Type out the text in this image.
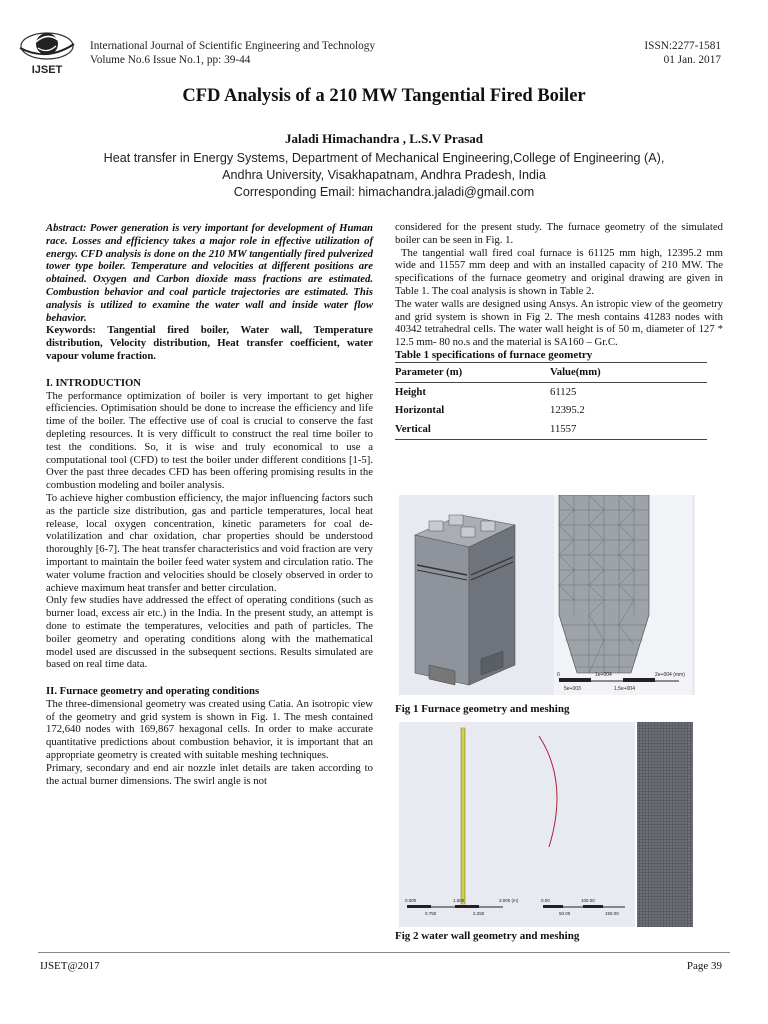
IJSET
International Journal of Scientific Engineering and Technology
Volume No.6 Issue No.1, pp: 39-44
ISSN:2277-1581
01 Jan. 2017
CFD Analysis of a 210 MW Tangential Fired Boiler
Jaladi Himachandra , L.S.V Prasad
Heat transfer in Energy Systems, Department of Mechanical Engineering,College of Engineering (A),
Andhra University, Visakhapatnam, Andhra Pradesh, India
Corresponding Email: himachandra.jaladi@gmail.com

Abstract: Power generation is very important for development of Human race. Losses and efficiency takes a major role in effective utilization of energy. CFD analysis is done on the 210 MW tangentially fired pulverized tower type boiler. Temperature and velocities at different positions are obtained. Oxygen and Carbon dioxide mass fractions are estimated. Combustion behavior and coal particle trajectories are estimated. This analysis is utilized to examine the water wall and inside water flow behavior.

Keywords: Tangential fired boiler, Water wall, Temperature distribution, Velocity distribution, Heat transfer coefficient, water vapour volume fraction.

I. INTRODUCTION

The performance optimization of boiler is very important to get higher efficiencies. Optimisation should be done to increase the efficiency and life time of the boiler. The effective use of coal is crucial to conserve the fast depleting resources. It is very difficult to construct the real time boiler to test the conditions. So, it is wise and truly economical to use a computational tool (CFD) to test the boiler under different conditions [1-5]. Over the past three decades CFD has been offering promising results in the combustion modeling and boiler analysis.

To achieve higher combustion efficiency, the major influencing factors such as the particle size distribution, gas and particle temperatures, local heat release, local oxygen concentration, kinetic parameters for coal de-volatilization and char oxidation, char properties should be understood thoroughly [6-7]. The heat transfer characteristics and void fraction are very important to maintain the boiler feed water system and circulation ratio. The water volume fraction and velocities should be closely observed in order to achieve maximum heat transfer and better circulation.

Only few studies have addressed the effect of operating conditions (such as burner load, excess air etc.) in the India. In the present study, an attempt is done to estimate the temperatures, velocities and path of particles. The boiler geometry and operating conditions along with the mathematical model used are discussed in the subsequent sections. Results simulated are based on real time data.

II. Furnace geometry and operating conditions

The three-dimensional geometry was created using Catia. An isotropic view of the geometry and grid system is shown in Fig. 1. The mesh contained 172,640 nodes with 169,867 hexagonal cells. In order to make accurate quantitative predictions about combustion behavior, it is important that an appropriate geometry is created with suitable meshing techniques.

Primary, secondary and end air nozzle inlet details are taken according to the actual burner dimensions. The swirl angle is not

considered for the present study. The furnace geometry of the simulated boiler can be seen in Fig. 1.

The tangential wall fired coal furnace is 61125 mm high, 12395.2 mm wide and 11557 mm deep and with an installed capacity of 210 MW. The specifications of the furnace geometry and original drawing are given in Table 1. The coal analysis is shown in Table 2.

The water walls are designed using Ansys. An istropic view of the geometry and grid system is shown in Fig 2. The mesh contains 41283 nodes with 40342 tetrahedral cells. The water wall height is of 50 m, diameter of 127 * 12.5 mm- 80 no.s and the material is SA160 – Gr.C.

Table 1 specifications of furnace geometry
Parameter (m)	Value(mm)
Height	61125
Horizontal	12395.2
Vertical	11557
0
5e+003	1.5e+004
2e+004 (mm)
1e+004
Fig 1 Furnace geometry and meshing
0.000	1.500	3.000 (m)
0.750	2.250
0.00	100.00
50.00	150.00
Fig 2 water wall geometry and meshing
IJSET@2017	Page 39
